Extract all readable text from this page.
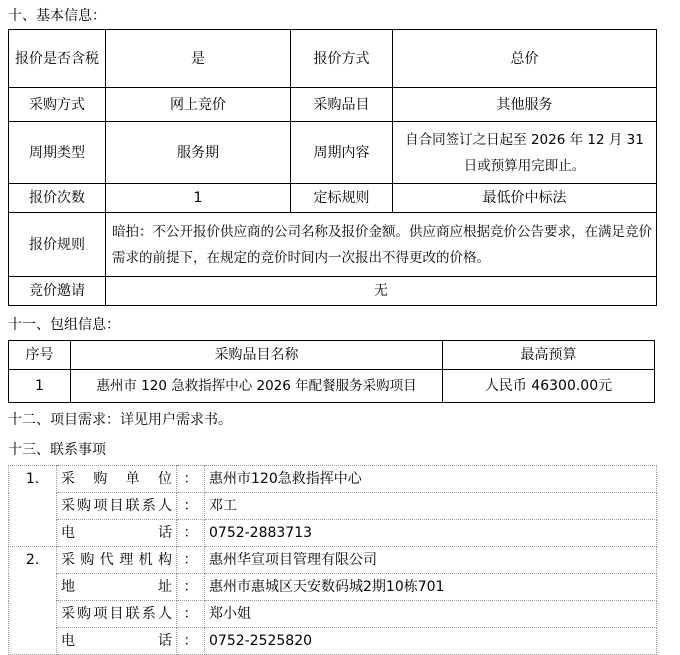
十、基本信息：
报价是否含税	是	报价方式	总价
采购方式	网上竞价	采购品目	其他服务
周期类型	服务期	周期内容	自合同签订之日起至 2026 年 12 月 31 日或预算用完即止。
报价次数	1	定标规则	最低价中标法
报价规则	暗拍：不公开报价供应商的公司名称及报价金额。供应商应根据竞价公告要求，在满足竞价需求的前提下，在规定的竞价时间内一次报出不得更改的价格。		
竞价邀请	无		
十一、包组信息：
序号	采购品目名称	最高预算
1	惠州市 120 急救指挥中心 2026 年配餐服务采购项目	人民币 46300.00元
十二、项目需求：详见用户需求书。
十三、联系事项
1.	采购单位	：	惠州市120急救指挥中心
	采购项目联系人	：	邓工
	电话	：	0752-2883713
2.	采购代理机构	：	惠州华宣项目管理有限公司
	地址	：	惠州市惠城区天安数码城2期10栋701
	采购项目联系人	：	郑小姐
	电话	：	0752-2525820
